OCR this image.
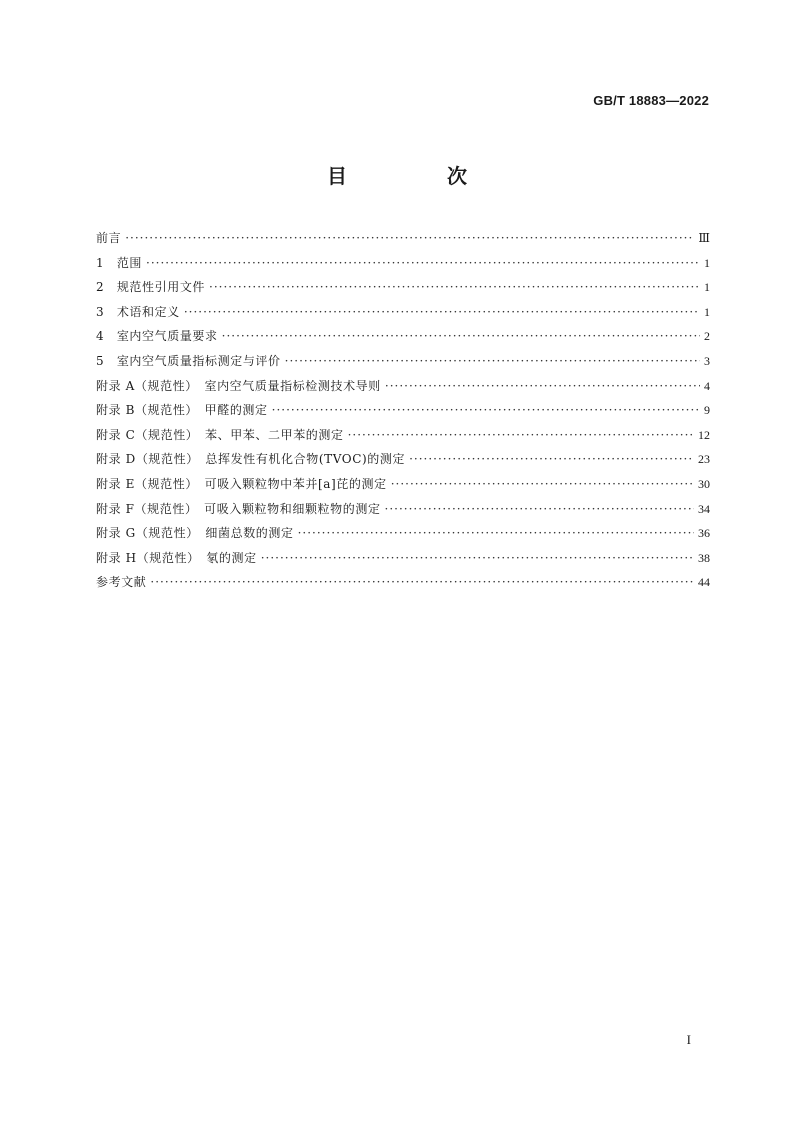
GB/T 18883—2022
目　次
前言 ·····	Ⅲ
1　范围 ·····	1
2　规范性引用文件 ·····	1
3　术语和定义 ·····	1
4　室内空气质量要求 ·····	2
5　室内空气质量指标测定与评价 ·····	3
附录 A（规范性）　室内空气质量指标检测技术导则 ·····	4
附录 B（规范性）　甲醛的测定 ·····	9
附录 C（规范性）　苯、甲苯、二甲苯的测定 ·····	12
附录 D（规范性）　总挥发性有机化合物(TVOC)的测定 ·····	23
附录 E（规范性）　可吸入颗粒物中苯并[a]芘的测定 ·····	30
附录 F（规范性）　可吸入颗粒物和细颗粒物的测定 ·····	34
附录 G（规范性）　细菌总数的测定 ·····	36
附录 H（规范性）　氡的测定 ·····	38
参考文献 ·····	44
I
